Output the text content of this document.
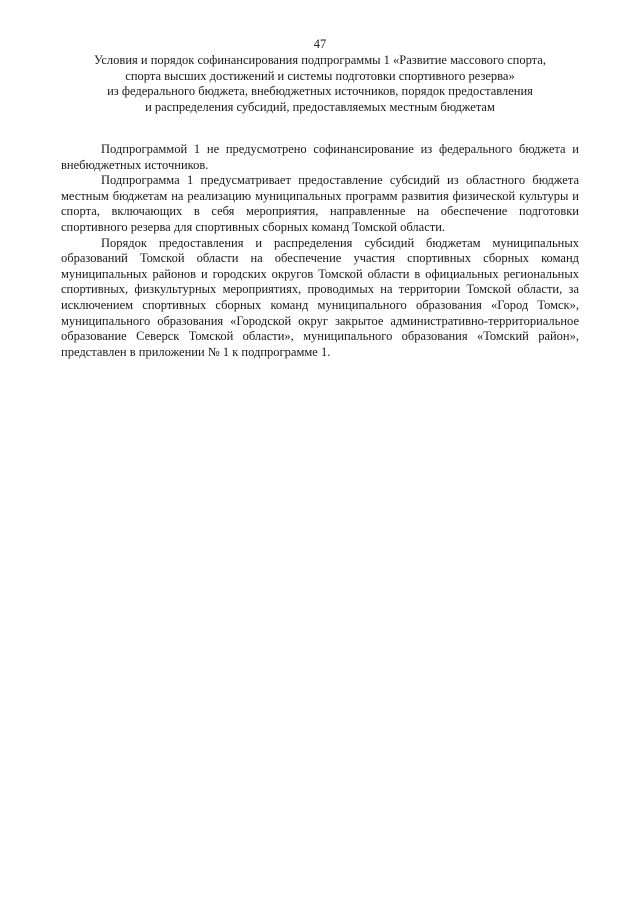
47
Условия и порядок софинансирования подпрограммы 1 «Развитие массового спорта,
спорта высших достижений и системы подготовки спортивного резерва»
из федерального бюджета, внебюджетных источников, порядок предоставления
и распределения субсидий, предоставляемых местным бюджетам

Подпрограммой 1 не предусмотрено софинансирование из федерального бюджета и внебюджетных источников.

Подпрограмма 1 предусматривает предоставление субсидий из областного бюджета местным бюджетам на реализацию муниципальных программ развития физической культуры и спорта, включающих в себя мероприятия, направленные на обеспечение подготовки спортивного резерва для спортивных сборных команд Томской области.

Порядок предоставления и распределения субсидий бюджетам муниципальных образований Томской области на обеспечение участия спортивных сборных команд муниципальных районов и городских округов Томской области в официальных региональных спортивных, физкультурных мероприятиях, проводимых на территории Томской области, за исключением спортивных сборных команд муниципального образования «Город Томск», муниципального образования «Городской округ закрытое административно-территориальное образование Северск Томской области», муниципального образования «Томский район», представлен в приложении № 1 к подпрограмме 1.
